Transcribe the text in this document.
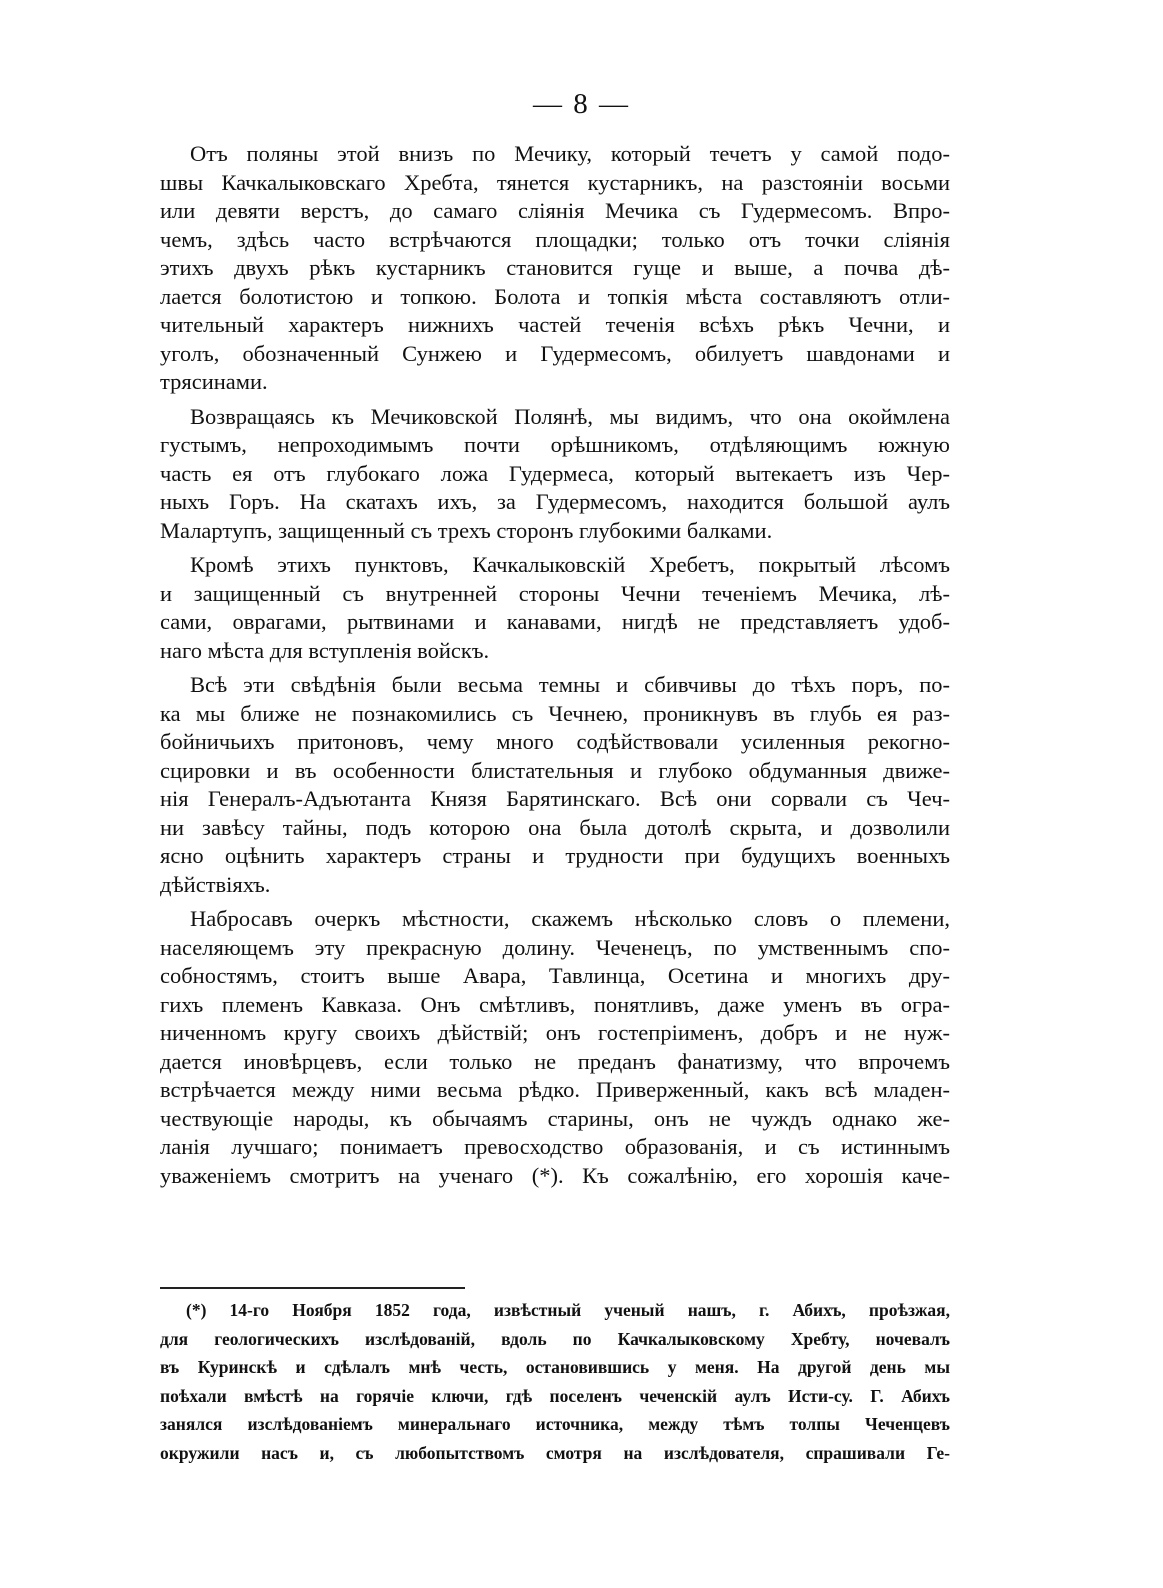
— 8 —
Отъ поляны этой внизъ по Мечику, который течетъ у самой подо-
швы Качкалыковскаго Хребта, тянется кустарникъ, на разстояніи восьми
или девяти верстъ, до самаго сліянія Мечика съ Гудермесомъ. Впро-
чемъ, здѣсь часто встрѣчаются площадки; только отъ точки сліянія
этихъ двухъ рѣкъ кустарникъ становится гуще и выше, а почва дѣ-
лается болотистою и топкою. Болота и топкія мѣста составляютъ отли-
чительный характеръ нижнихъ частей теченія всѣхъ рѣкъ Чечни, и
уголъ, обозначенный Сунжею и Гудермесомъ, обилуетъ шавдонами и
трясинами.
Возвращаясь къ Мечиковской Полянѣ, мы видимъ, что она окоймлена
густымъ, непроходимымъ почти орѣшникомъ, отдѣляющимъ южную
часть ея отъ глубокаго ложа Гудермеса, который вытекаетъ изъ Чер-
ныхъ Горъ. На скатахъ ихъ, за Гудермесомъ, находится большой аулъ
Малартупъ, защищенный съ трехъ сторонъ глубокими балками.
Кромѣ этихъ пунктовъ, Качкалыковскій Хребетъ, покрытый лѣсомъ
и защищенный съ внутренней стороны Чечни теченіемъ Мечика, лѣ-
сами, оврагами, рытвинами и канавами, нигдѣ не представляетъ удоб-
наго мѣста для вступленія войскъ.
Всѣ эти свѣдѣнія были весьма темны и сбивчивы до тѣхъ поръ, по-
ка мы ближе не познакомились съ Чечнею, проникнувъ въ глубь ея раз-
бойничьихъ притоновъ, чему много содѣйствовали усиленныя рекогно-
сцировки и въ особенности блистательныя и глубоко обдуманныя движе-
нія Генералъ-Адъютанта Князя Барятинскаго. Всѣ они сорвали съ Чеч-
ни завѣсу тайны, подъ которою она была дотолѣ скрыта, и дозволили
ясно оцѣнить характеръ страны и трудности при будущихъ военныхъ
дѣйствіяхъ.
Набросавъ очеркъ мѣстности, скажемъ нѣсколько словъ о племени,
населяющемъ эту прекрасную долину. Чеченецъ, по умственнымъ спо-
собностямъ, стоитъ выше Авара, Тавлинца, Осетина и многихъ дру-
гихъ племенъ Кавказа. Онъ смѣтливъ, понятливъ, даже уменъ въ огра-
ниченномъ кругу своихъ дѣйствій; онъ гостепріименъ, добръ и не нуж-
дается иновѣрцевъ, если только не преданъ фанатизму, что впрочемъ
встрѣчается между ними весьма рѣдко. Приверженный, какъ всѣ младен-
чествующіе народы, къ обычаямъ старины, онъ не чуждъ однако же-
ланія лучшаго; понимаетъ превосходство образованія, и съ истиннымъ
уваженіемъ смотритъ на ученаго (*). Къ сожалѣнію, его хорошія каче-
(*) 14-го Ноября 1852 года, извѣстный ученый нашъ, г. Абихъ, проѣзжая,
для геологическихъ изслѣдованій, вдоль по Качкалыковскому Хребту, ночевалъ
въ Куринскѣ и сдѣлалъ мнѣ честь, остановившись у меня. На другой день мы
поѣхали вмѣстѣ на горячіе ключи, гдѣ поселенъ чеченскій аулъ Исти-су. Г. Абихъ
занялся изслѣдованіемъ минеральнаго источника, между тѣмъ толпы Чеченцевъ
окружили насъ и, съ любопытствомъ смотря на изслѣдователя, спрашивали Ге-
